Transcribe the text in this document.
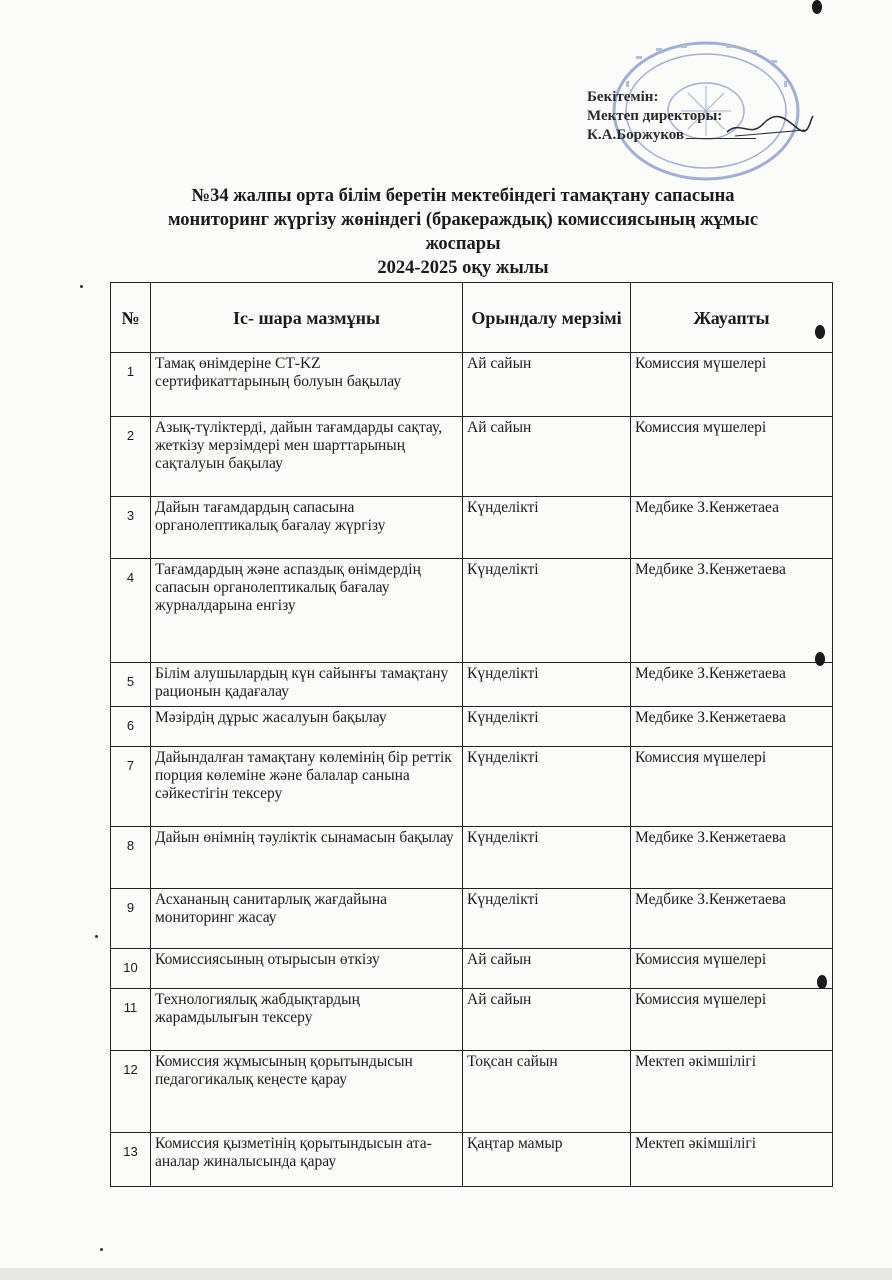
Бекітемін:
Мектеп директоры:
К.А.Боржуков
№34 жалпы орта білім беретін мектебіндегі тамақтану сапасына
мониторинг жүргізу жөніндегі (бракераждық) комиссиясының жұмыс
жоспары
2024-2025 оқу жылы
№	Іс- шара мазмұны	Орындалу мерзімі	Жауапты
1	Тамақ өнімдеріне СТ-KZ сертификаттарының болуын бақылау	Ай сайын	Комиссия мүшелері
2	Азық-түліктерді, дайын тағамдарды сақтау, жеткізу мерзімдері мен шарттарының сақталуын бақылау	Ай сайын	Комиссия мүшелері
3	Дайын тағамдардың сапасына органолептикалық бағалау жүргізу	Күнделікті	Медбике З.Кенжетаеа
4	Тағамдардың және аспаздық өнімдердің сапасын органолептикалық бағалау журналдарына енгізу	Күнделікті	Медбике З.Кенжетаева
5	Білім алушылардың күн сайынғы тамақтану рационын қадағалау	Күнделікті	Медбике З.Кенжетаева
6	Мәзірдің дұрыс жасалуын бақылау	Күнделікті	Медбике З.Кенжетаева
7	Дайындалған тамақтану көлемінің бір реттік порция көлеміне және балалар санына сәйкестігін тексеру	Күнделікті	Комиссия мүшелері
8	Дайын өнімнің тәуліктік сынамасын бақылау	Күнделікті	Медбике З.Кенжетаева
9	Асхананың санитарлық жағдайына мониторинг жасау	Күнделікті	Медбике З.Кенжетаева
10	Комиссиясының отырысын өткізу	Ай сайын	Комиссия мүшелері
11	Технологиялық жабдықтардың жарамдылығын тексеру	Ай сайын	Комиссия мүшелері
12	Комиссия жұмысының қорытындысын педагогикалық кеңесте қарау	Тоқсан сайын	Мектеп әкімшілігі
13	Комиссия қызметінің қорытындысын ата-аналар жиналысында қарау	Қаңтар мамыр	Мектеп әкімшілігі
